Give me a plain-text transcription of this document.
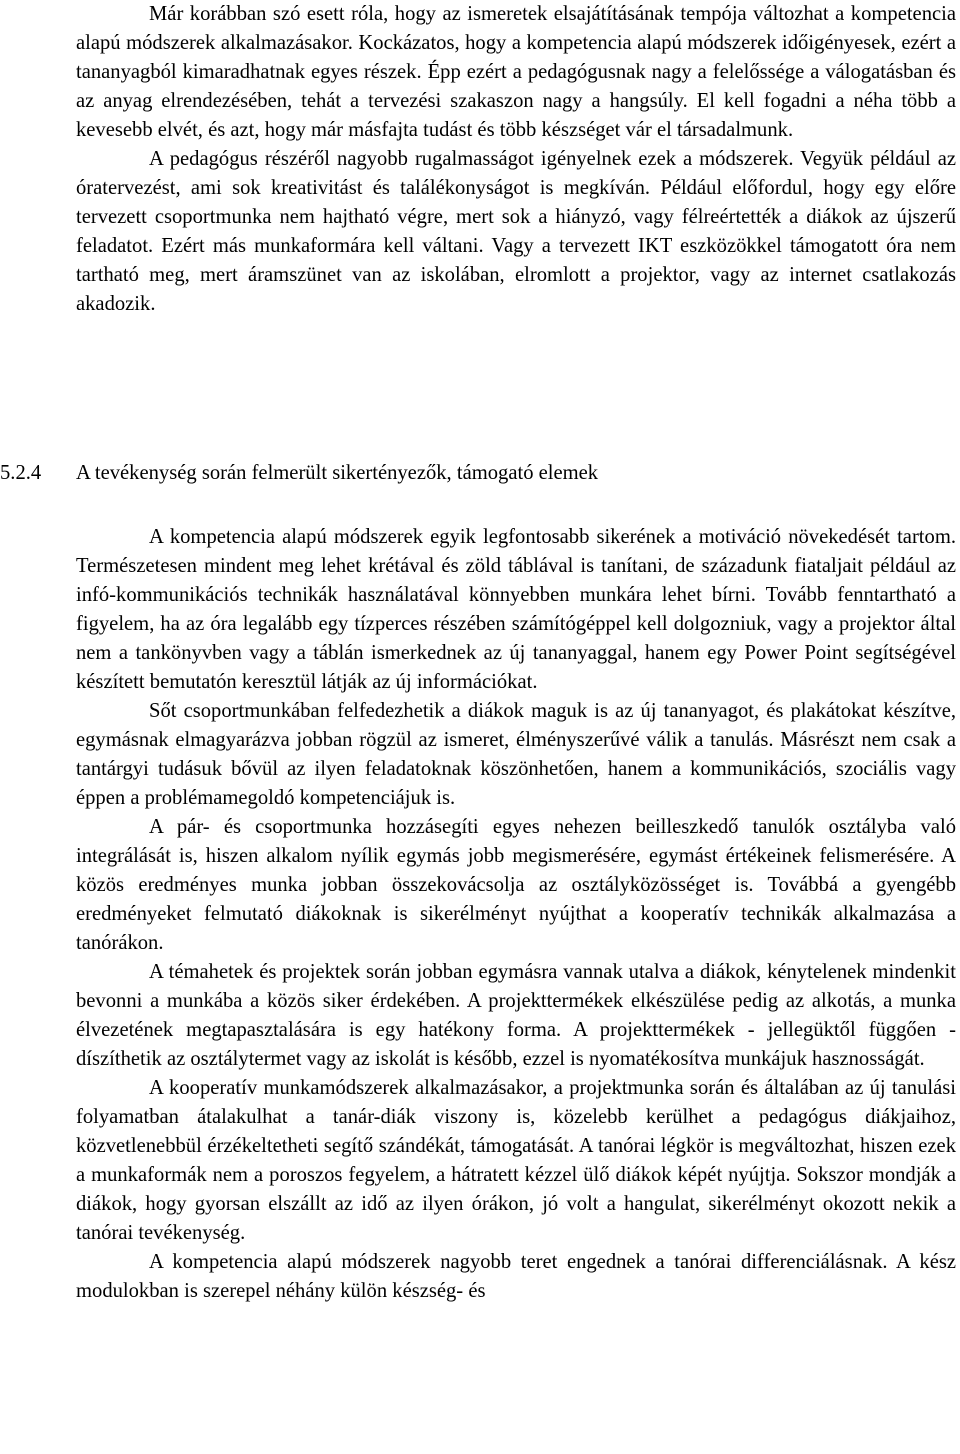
Már korábban szó esett róla, hogy az ismeretek elsajátításának tempója változhat a kompetencia alapú módszerek alkalmazásakor. Kockázatos, hogy a kompetencia alapú módszerek időigényesek, ezért a tananyagból kimaradhatnak egyes részek. Épp ezért a pedagógusnak nagy a felelőssége a válogatásban és az anyag elrendezésében, tehát a tervezési szakaszon nagy a hangsúly. El kell fogadni a néha több a kevesebb elvét, és azt, hogy már másfajta tudást és több készséget vár el társadalmunk.

A pedagógus részéről nagyobb rugalmasságot igényelnek ezek a módszerek. Vegyük például az óratervezést, ami sok kreativitást és találékonyságot is megkíván. Például előfordul, hogy egy előre tervezett csoportmunka nem hajtható végre, mert sok a hiányzó, vagy félreértették a diákok az újszerű feladatot. Ezért más munkaformára kell váltani. Vagy a tervezett IKT eszközökkel támogatott óra nem tartható meg, mert áramszünet van az iskolában, elromlott a projektor, vagy az internet csatlakozás akadozik.

5.2.4 A tevékenység során felmerült sikertényezők, támogató elemek

A kompetencia alapú módszerek egyik legfontosabb sikerének a motiváció növekedését tartom. Természetesen mindent meg lehet krétával és zöld táblával is tanítani, de századunk fiataljait például az infó-kommunikációs technikák használatával könnyebben munkára lehet bírni. Tovább fenntartható a figyelem, ha az óra legalább egy tízperces részében számítógéppel kell dolgozniuk, vagy a projektor által nem a tankönyvben vagy a táblán ismerkednek az új tananyaggal, hanem egy Power Point segítségével készített bemutatón keresztül látják az új információkat.

Sőt csoportmunkában felfedezhetik a diákok maguk is az új tananyagot, és plakátokat készítve, egymásnak elmagyarázva jobban rögzül az ismeret, élményszerűvé válik a tanulás. Másrészt nem csak a tantárgyi tudásuk bővül az ilyen feladatoknak köszönhetően, hanem a kommunikációs, szociális vagy éppen a problémamegoldó kompetenciájuk is.

A pár- és csoportmunka hozzásegíti egyes nehezen beilleszkedő tanulók osztályba való integrálását is, hiszen alkalom nyílik egymás jobb megismerésére, egymást értékeinek felismerésére. A közös eredményes munka jobban összekovácsolja az osztályközösséget is. Továbbá a gyengébb eredményeket felmutató diákoknak is sikerélményt nyújthat a kooperatív technikák alkalmazása a tanórákon.

A témahetek és projektek során jobban egymásra vannak utalva a diákok, kénytelenek mindenkit bevonni a munkába a közös siker érdekében. A projekttermékek elkészülése pedig az alkotás, a munka élvezetének megtapasztalására is egy hatékony forma. A projekttermékek - jellegüktől függően - díszíthetik az osztálytermet vagy az iskolát is később, ezzel is nyomatékosítva munkájuk hasznosságát.

A kooperatív munkamódszerek alkalmazásakor, a projektmunka során és általában az új tanulási folyamatban átalakulhat a tanár-diák viszony is, közelebb kerülhet a pedagógus diákjaihoz, közvetlenebbül érzékeltetheti segítő szándékát, támogatását. A tanórai légkör is megváltozhat, hiszen ezek a munkaformák nem a poroszos fegyelem, a hátratett kézzel ülő diákok képét nyújtja. Sokszor mondják a diákok, hogy gyorsan elszállt az idő az ilyen órákon, jó volt a hangulat, sikerélményt okozott nekik a tanórai tevékenység.

A kompetencia alapú módszerek nagyobb teret engednek a tanórai differenciálásnak. A kész modulokban is szerepel néhány külön készség- és
